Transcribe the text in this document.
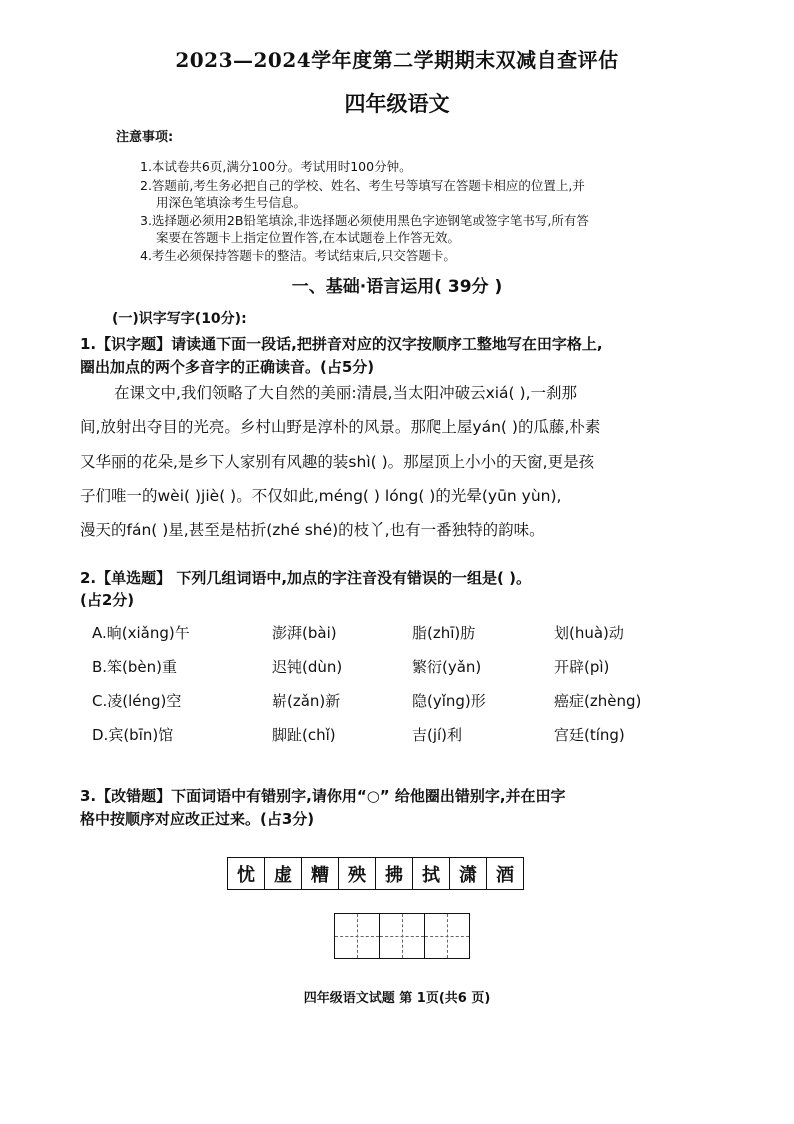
2023—2024学年度第二学期期末双减自查评估
四年级语文
注意事项:
1.本试卷共6页,满分100分。考试用时100分钟。
2.答题前,考生务必把自己的学校、姓名、考生号等填写在答题卡相应的位置上,并
用深色笔填涂考生号信息。
3.选择题必须用2B铅笔填涂,非选择题必须使用黑色字迹钢笔或签字笔书写,所有答
案要在答题卡上指定位置作答,在本试题卷上作答无效。
4.考生必须保持答题卡的整洁。考试结束后,只交答题卡。
一、基础·语言运用( 39分 )
(一)识字写字(10分):
1.【识字题】请读通下面一段话,把拼音对应的汉字按顺序工整地写在田字格上,
圈出加点的两个多音字的正确读音。(占5分)
在课文中,我们领略了大自然的美丽:清晨,当太阳冲破云xiá( ),一刹那
间,放射出夺目的光亮。乡村山野是淳朴的风景。那爬上屋yán( )的瓜藤,朴素
又华丽的花朵,是乡下人家别有风趣的装shì( )。那屋顶上小小的天窗,更是孩
子们唯一的wèi( )jiè( )。不仅如此,méng( ) lóng( )的光晕(yūn yùn),
漫天的fán( )星,甚至是枯折(zhé shé)的枝丫,也有一番独特的韵味。
2.【单选题】 下列几组词语中,加点的字注音没有错误的一组是( )。
(占2分)
A.晌(xiǎng)午	澎湃(bài)	脂(zhī)肪	划(huà)动
B.笨(bèn)重	迟钝(dùn)	繁衍(yǎn)	开辟(pì)
C.凌(léng)空	崭(zǎn)新	隐(yǐng)形	癌症(zhèng)
D.宾(bīn)馆	脚趾(chǐ)	吉(jí)利	宫廷(tíng)
3.【改错题】下面词语中有错别字,请你用“○” 给他圈出错别字,并在田字
格中按顺序对应改正过来。(占3分)
忧	虚	糟	殃	拂	拭	潇	酒
四年级语文试题 第 1页(共6 页)
